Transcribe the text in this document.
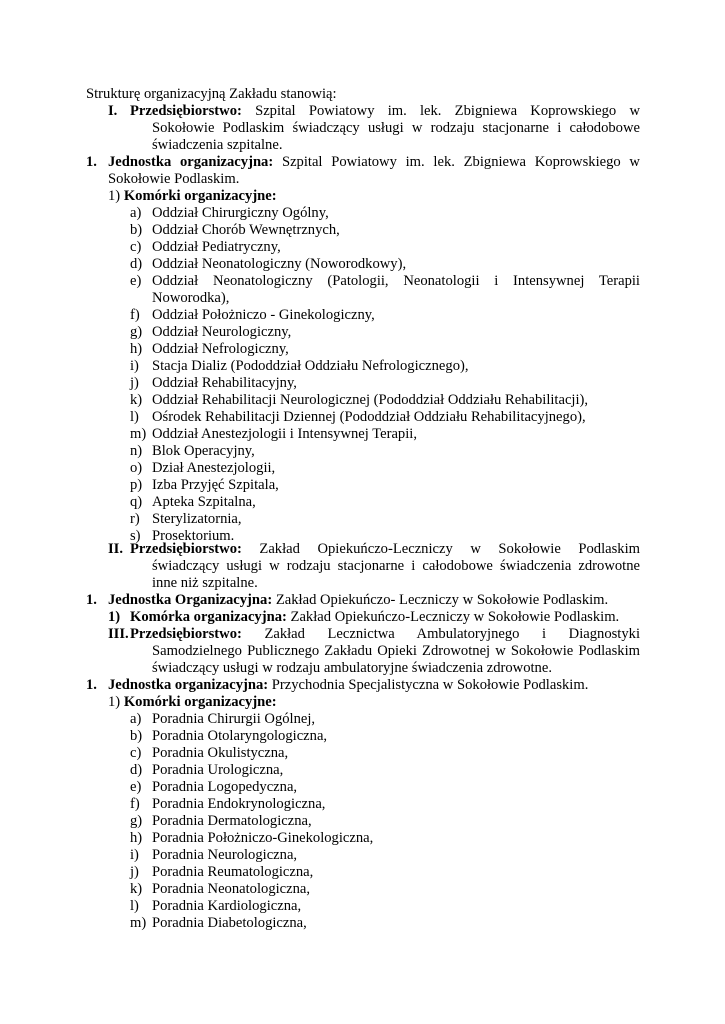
Strukturę organizacyjną Zakładu stanowią:
I. Przedsiębiorstwo: Szpital Powiatowy im. lek. Zbigniewa Koprowskiego w
Sokołowie Podlaskim świadczący usługi w rodzaju stacjonarne i całodobowe
świadczenia szpitalne.
1. Jednostka organizacyjna: Szpital Powiatowy im. lek. Zbigniewa Koprowskiego w
Sokołowie Podlaskim.
1) Komórki organizacyjne:
a) Oddział Chirurgiczny Ogólny,
b) Oddział Chorób Wewnętrznych,
c) Oddział Pediatryczny,
d) Oddział Neonatologiczny (Noworodkowy),
e) Oddział Neonatologiczny (Patologii, Neonatologii i Intensywnej Terapii
Noworodka),
f) Oddział Położniczo - Ginekologiczny,
g) Oddział Neurologiczny,
h) Oddział Nefrologiczny,
i) Stacja Dializ (Pododdział Oddziału Nefrologicznego),
j) Oddział Rehabilitacyjny,
k) Oddział Rehabilitacji Neurologicznej (Pododdział Oddziału Rehabilitacji),
l) Ośrodek Rehabilitacji Dziennej (Pododdział Oddziału Rehabilitacyjnego),
m) Oddział Anestezjologii i Intensywnej Terapii,
n) Blok Operacyjny,
o) Dział Anestezjologii,
p) Izba Przyjęć Szpitala,
q) Apteka Szpitalna,
r) Sterylizatornia,
s) Prosektorium.
II. Przedsiębiorstwo: Zakład Opiekuńczo-Leczniczy w Sokołowie Podlaskim
świadczący usługi w rodzaju stacjonarne i całodobowe świadczenia zdrowotne
inne niż szpitalne.
1. Jednostka Organizacyjna: Zakład Opiekuńczo- Leczniczy w Sokołowie Podlaskim.
1) Komórka organizacyjna: Zakład Opiekuńczo-Leczniczy w Sokołowie Podlaskim.
III. Przedsiębiorstwo: Zakład Lecznictwa Ambulatoryjnego i Diagnostyki
Samodzielnego Publicznego Zakładu Opieki Zdrowotnej w Sokołowie Podlaskim
świadczący usługi w rodzaju ambulatoryjne świadczenia zdrowotne.
1. Jednostka organizacyjna: Przychodnia Specjalistyczna w Sokołowie Podlaskim.
1) Komórki organizacyjne:
a) Poradnia Chirurgii Ogólnej,
b) Poradnia Otolaryngologiczna,
c) Poradnia Okulistyczna,
d) Poradnia Urologiczna,
e) Poradnia Logopedyczna,
f) Poradnia Endokrynologiczna,
g) Poradnia Dermatologiczna,
h) Poradnia Położniczo-Ginekologiczna,
i) Poradnia Neurologiczna,
j) Poradnia Reumatologiczna,
k) Poradnia Neonatologiczna,
l) Poradnia Kardiologiczna,
m) Poradnia Diabetologiczna,
